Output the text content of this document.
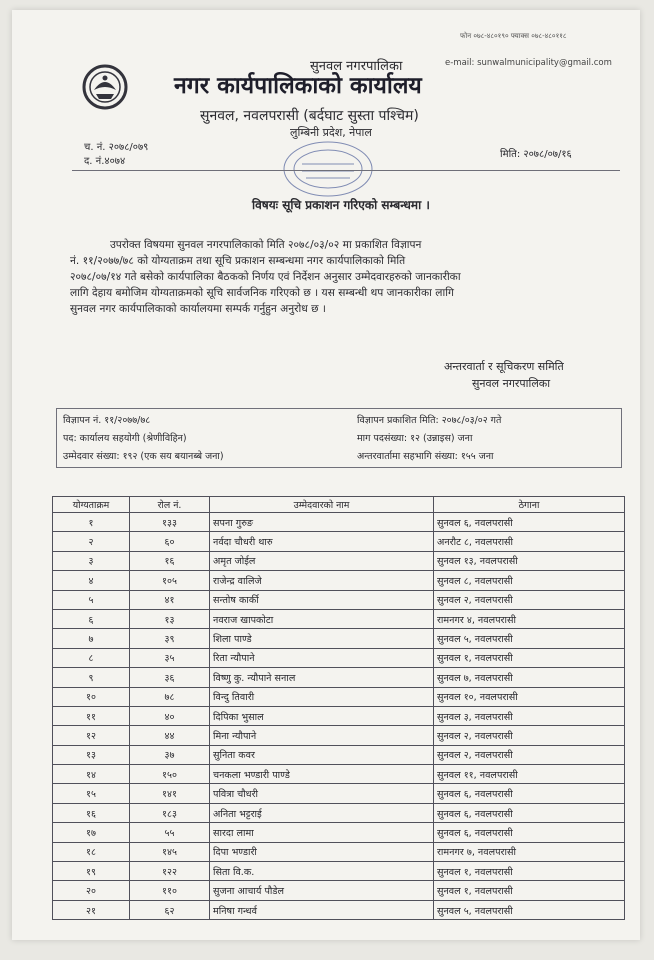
फोन ०७८-४८०१९० फ्याक्स ०७८-४८०११८
e-mail: sunwalmunicipality@gmail.com
सुनवल नगरपालिका
नगर कार्यपालिकाको कार्यालय
सुनवल, नवलपरासी (बर्दघाट सुस्ता पश्चिम)
लुम्बिनी प्रदेश, नेपाल
च. नं. २०७८/०७९
द. नं.४०७४
मिति: २०७८/०७/१६
विषयः सूचि प्रकाशन गरिएको सम्बन्धमा ।
उपरोक्त विषयमा सुनवल नगरपालिकाको मिति २०७८/०३/०२ मा प्रकाशित विज्ञापन
नं. ११/२०७७/७८ को योग्यताक्रम तथा सूचि प्रकाशन सम्बन्धमा नगर कार्यपालिकाको मिति
२०७८/०७/१४ गते बसेको कार्यपालिका बैठकको निर्णय एवं निर्देशन अनुसार उम्मेदवारहरुको जानकारीका
लागि देहाय बमोजिम योग्यताक्रमको सूचि सार्वजनिक गरिएको छ । यस सम्बन्धी थप जानकारीका लागि
सुनवल नगर कार्यपालिकाको कार्यालयमा सम्पर्क गर्नुहुन अनुरोध छ ।
अन्तरवार्ता र सूचिकरण समिति
सुनवल नगरपालिका
विज्ञापन नं. ११/२०७७/७८	विज्ञापन प्रकाशित मिति: २०७८/०३/०२ गते
पद: कार्यालय सहयोगी (श्रेणीविहिन)	माग पदसंख्या: १२ (उन्नाइस) जना
उम्मेदवार संख्या: १९२ (एक सय बयानब्बे जना)	अन्तरवार्तामा सहभागि संख्या: १५५ जना
योग्यताक्रम	रोल नं.	उम्मेदवारको नाम	ठेगाना
१	१३३	सपना गुरुङ	सुनवल ६, नवलपरासी
२	६०	नर्वदा चौधरी थारु	अनरौट ८, नवलपरासी
३	१६	अमृत जोईल	सुनवल १३, नवलपरासी
४	१०५	राजेन्द्र वालिजे	सुनवल ८, नवलपरासी
५	४१	सन्तोष कार्की	सुनवल २, नवलपरासी
६	१३	नवराज खापकोटा	रामनगर ४, नवलपरासी
७	३९	शिला पाण्डे	सुनवल ५, नवलपरासी
८	३५	रिता न्यौपाने	सुनवल १, नवलपरासी
९	३६	विष्णु कु. न्यौपाने सनाल	सुनवल ७, नवलपरासी
१०	७८	विन्दु तिवारी	सुनवल १०, नवलपरासी
११	४०	दिपिका भुसाल	सुनवल ३, नवलपरासी
१२	४४	मिना न्यौपाने	सुनवल २, नवलपरासी
१३	३७	सुनिता कवर	सुनवल २, नवलपरासी
१४	१५०	चनकला भण्डारी पाण्डे	सुनवल ११, नवलपरासी
१५	१४१	पवित्रा चौधरी	सुनवल ६, नवलपरासी
१६	१८३	अनिता भट्टराई	सुनवल ६, नवलपरासी
१७	५५	सारदा लामा	सुनवल ६, नवलपरासी
१८	१४५	दिपा भण्डारी	रामनगर ७, नवलपरासी
१९	१२२	सिता वि.क.	सुनवल १, नवलपरासी
२०	११०	सुजना आचार्य पौडेल	सुनवल १, नवलपरासी
२१	६२	मनिषा गन्धर्व	सुनवल ५, नवलपरासी
